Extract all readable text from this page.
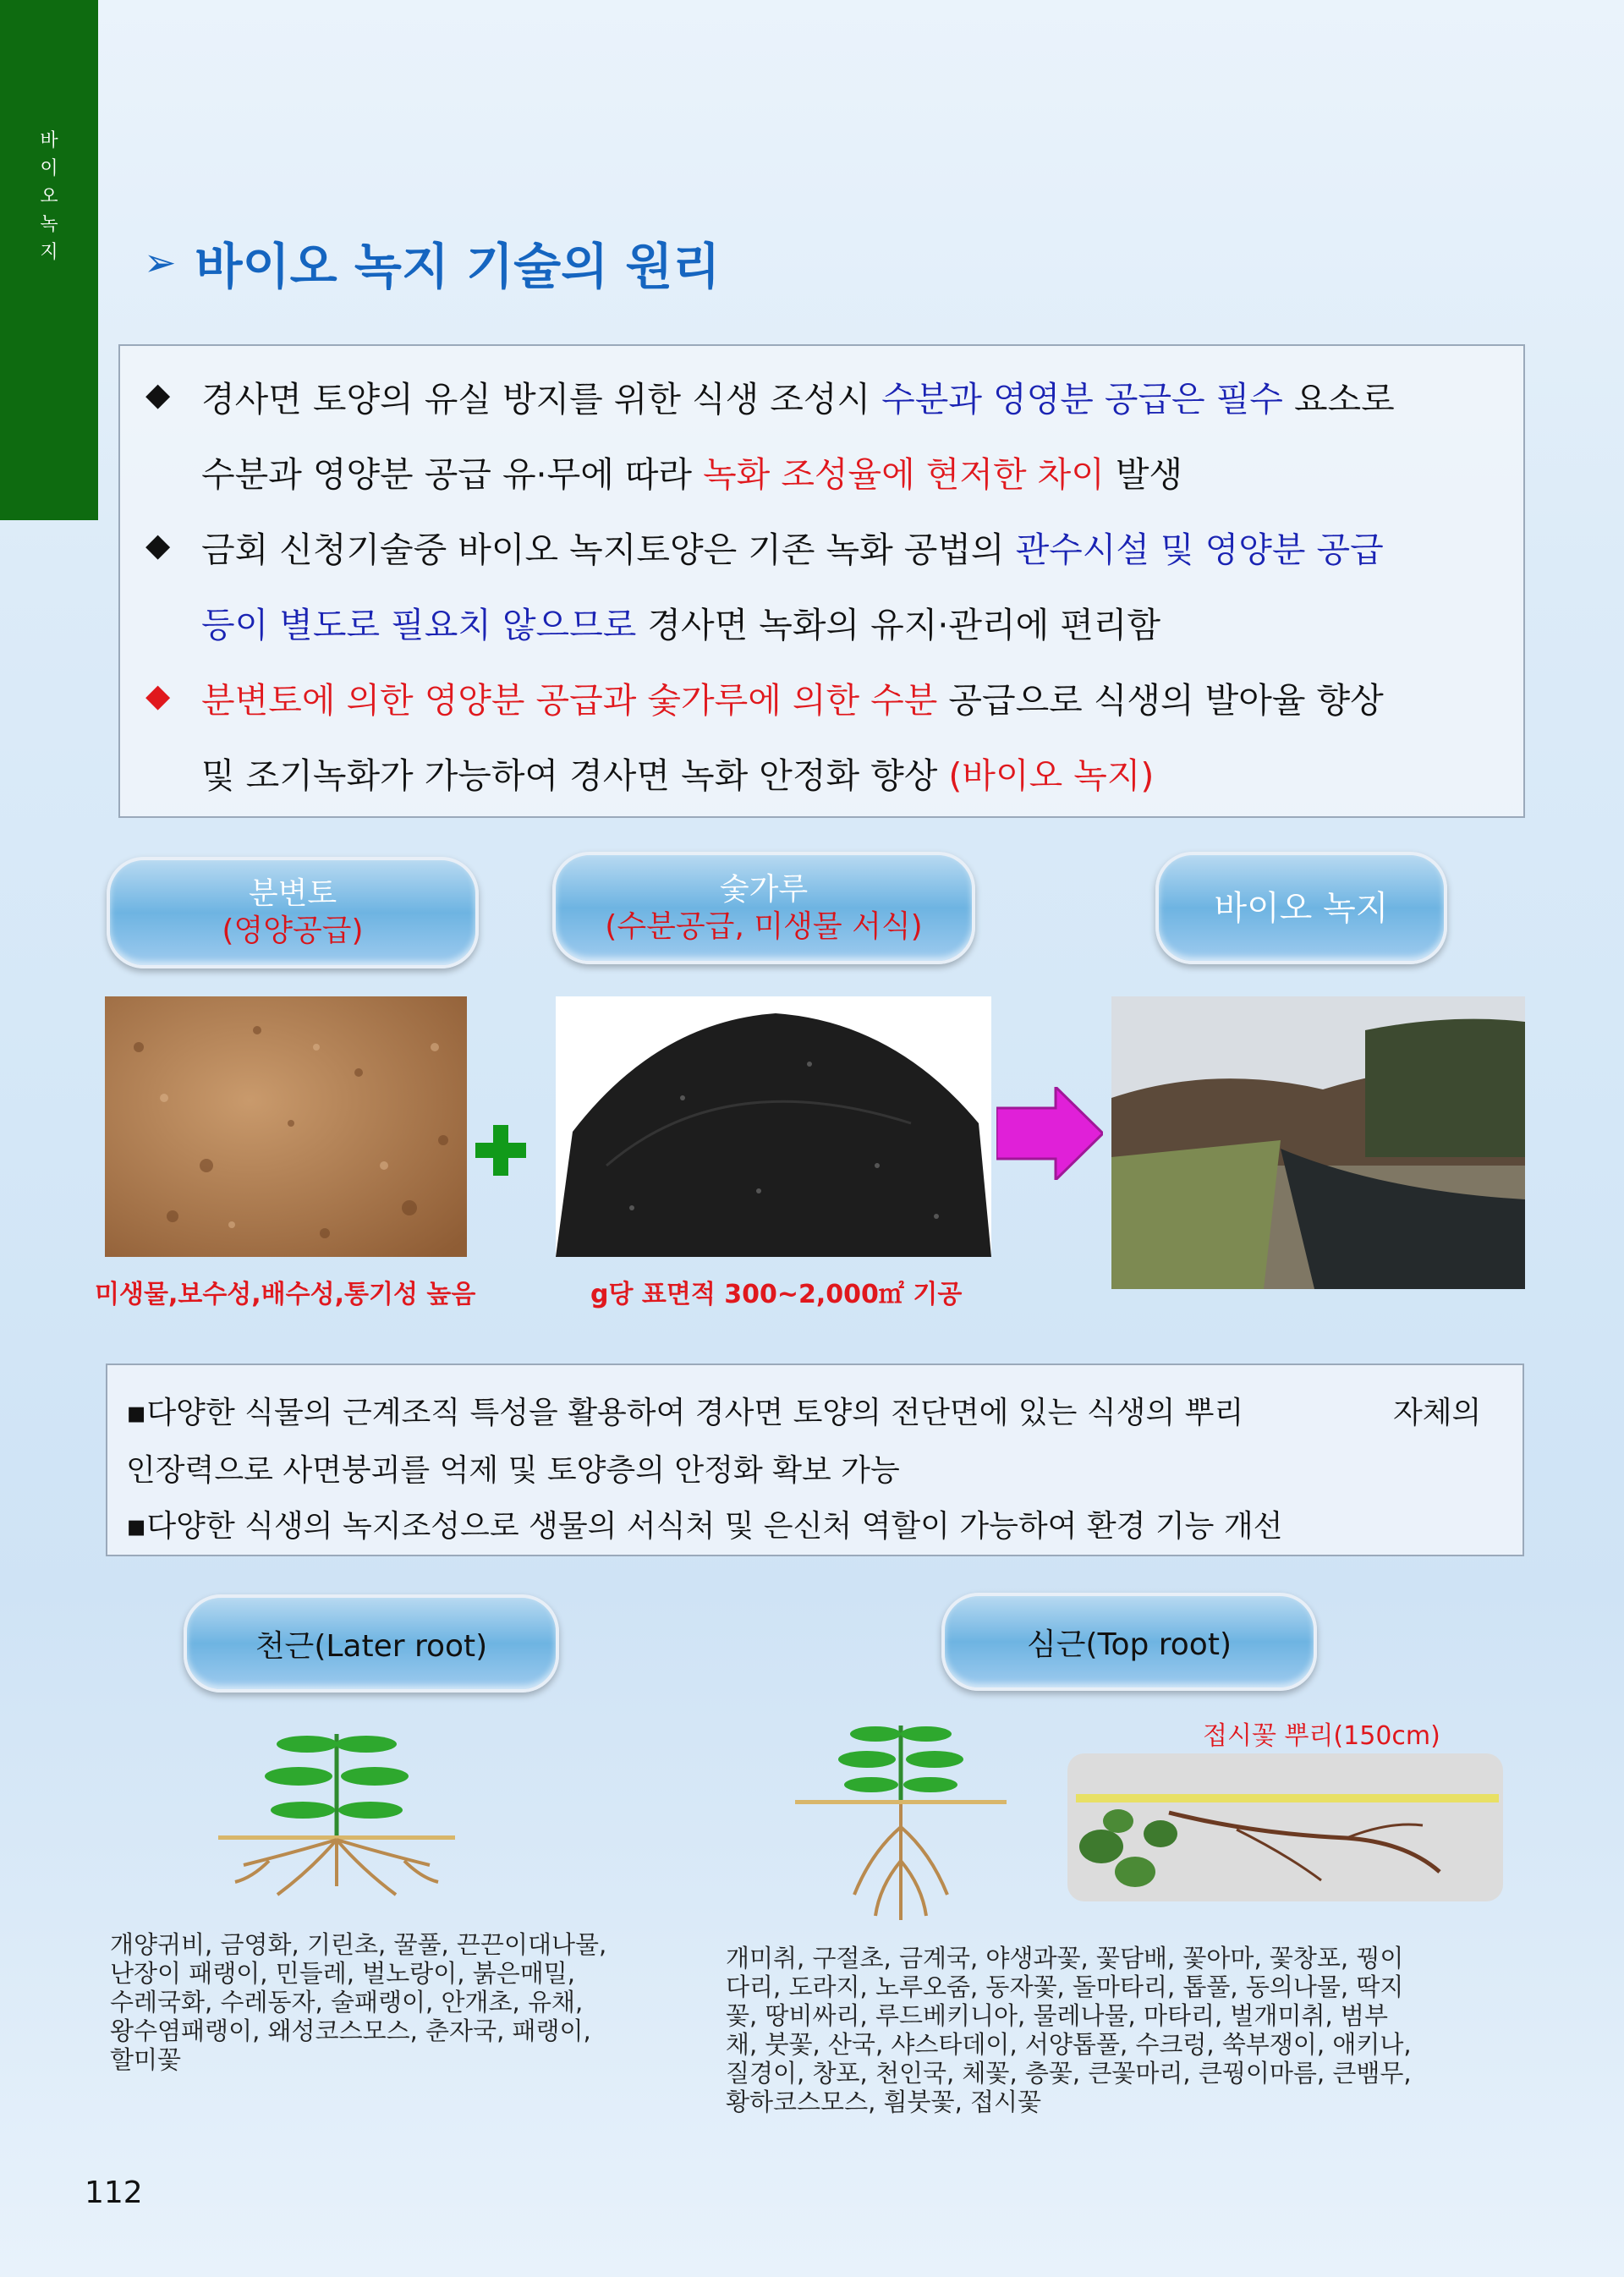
바
이
오
녹
지 ➢ 바이오 녹지 기술의 원리
◆ 경사면 토양의 유실 방지를 위한 식생 조성시 수분과 영영분 공급은 필수 요소로
수분과 영양분 공급 유·무에 따라 녹화 조성율에 현저한 차이 발생
◆ 금회 신청기술중 바이오 녹지토양은 기존 녹화 공법의 관수시설 및 영양분 공급
등이 별도로 필요치 않으므로 경사면 녹화의 유지·관리에 편리함
◆ 분변토에 의한 영양분 공급과 숯가루에 의한 수분 공급으로 식생의 발아율 향상
및 조기녹화가 가능하여 경사면 녹화 안정화 향상 (바이오 녹지)
분변토
(영양공급)
숯가루
(수분공급, 미생물 서식)	바이오 녹지
미생물,보수성,배수성,통기성 높음	g당 표면적 300~2,000㎡ 기공
▪다양한 식물의 근계조직 특성을 활용하여 경사면 토양의 전단면에 있는 식생의 뿌리	자체의
인장력으로 사면붕괴를 억제 및 토양층의 안정화 확보 가능
▪다양한 식생의 녹지조성으로 생물의 서식처 및 은신처 역할이 가능하여 환경 기능 개선
천근(Later root)	심근(Top root)
접시꽃 뿌리(150cm)
개양귀비, 금영화, 기린초, 꿀풀, 끈끈이대나물,
난장이 패랭이, 민들레, 벌노랑이, 붉은매밀,
수레국화, 수레동자, 술패랭이, 안개초, 유채,
왕수염패랭이, 왜성코스모스, 춘자국, 패랭이,
할미꽃
개미취, 구절초, 금계국, 야생과꽃, 꽃담배, 꽃아마, 꽃창포, 꿩이
다리, 도라지, 노루오줌, 동자꽃, 돌마타리, 톱풀, 동의나물, 딱지
꽃, 땅비싸리, 루드베키니아, 물레나물, 마타리, 벌개미취, 범부
채, 붓꽃, 산국, 샤스타데이, 서양톱풀, 수크렁, 쑥부쟁이, 애키나,
질경이, 창포, 천인국, 체꽃, 층꽃, 큰꽃마리, 큰꿩이마름, 큰뱀무,
황하코스모스, 흼붓꽃, 접시꽃
112
